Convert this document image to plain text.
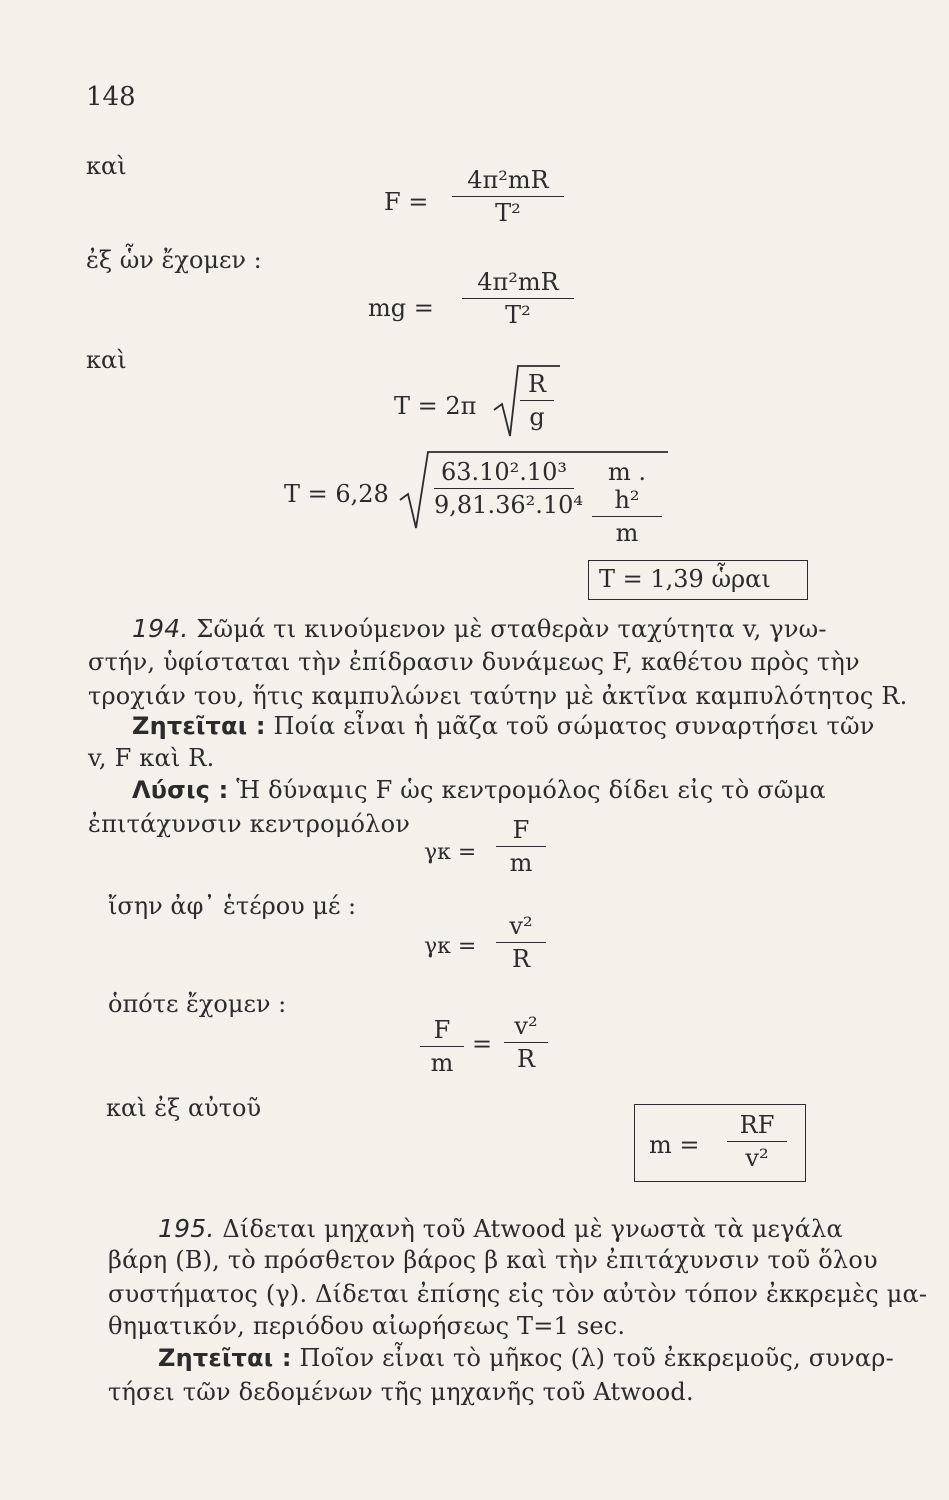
148
καὶ
F =
4π²mR
T²
ἐξ ὧν ἔχομεν :
mg =
4π²mR
T²
καὶ
T = 2π
R
g
T = 6,28
63.10².10³
9,81.36².10⁴
m . h²
m
T = 1,39 ὧραι
194. Σῶμά τι κινούμενον μὲ σταθερὰν ταχύτητα v, γνω-
στήν, ὑφίσταται τὴν ἐπίδρασιν δυνάμεως F, καθέτου πρὸς τὴν
τροχιάν του, ἥτις καμπυλώνει ταύτην μὲ ἀκτῖνα καμπυλότητος R.
Ζητεῖται : Ποία εἶναι ἡ μᾶζα τοῦ σώματος συναρτήσει τῶν
v, F καὶ R.
Λύσις : Ἡ δύναμις F ὡς κεντρομόλος δίδει εἰς τὸ σῶμα
ἐπιτάχυνσιν κεντρομόλον
γκ =
F
m
ἴσην ἀφ᾽ ἑτέρου μέ :
γκ =
v²
R
ὁπότε ἔχομεν :
F
m
=
v²
R
καὶ ἐξ αὐτοῦ
m =
RF
v²
195. Δίδεται μηχανὴ τοῦ Atwood μὲ γνωστὰ τὰ μεγάλα
βάρη (Β), τὸ πρόσθετον βάρος β καὶ τὴν ἐπιτάχυνσιν τοῦ ὅλου
συστήματος (γ). Δίδεται ἐπίσης εἰς τὸν αὐτὸν τόπον ἐκκρεμὲς μα-
θηματικόν, περιόδου αἰωρήσεως T=1 sec.
Ζητεῖται : Ποῖον εἶναι τὸ μῆκος (λ) τοῦ ἐκκρεμοῦς, συναρ-
τήσει τῶν δεδομένων τῆς μηχανῆς τοῦ Atwood.
